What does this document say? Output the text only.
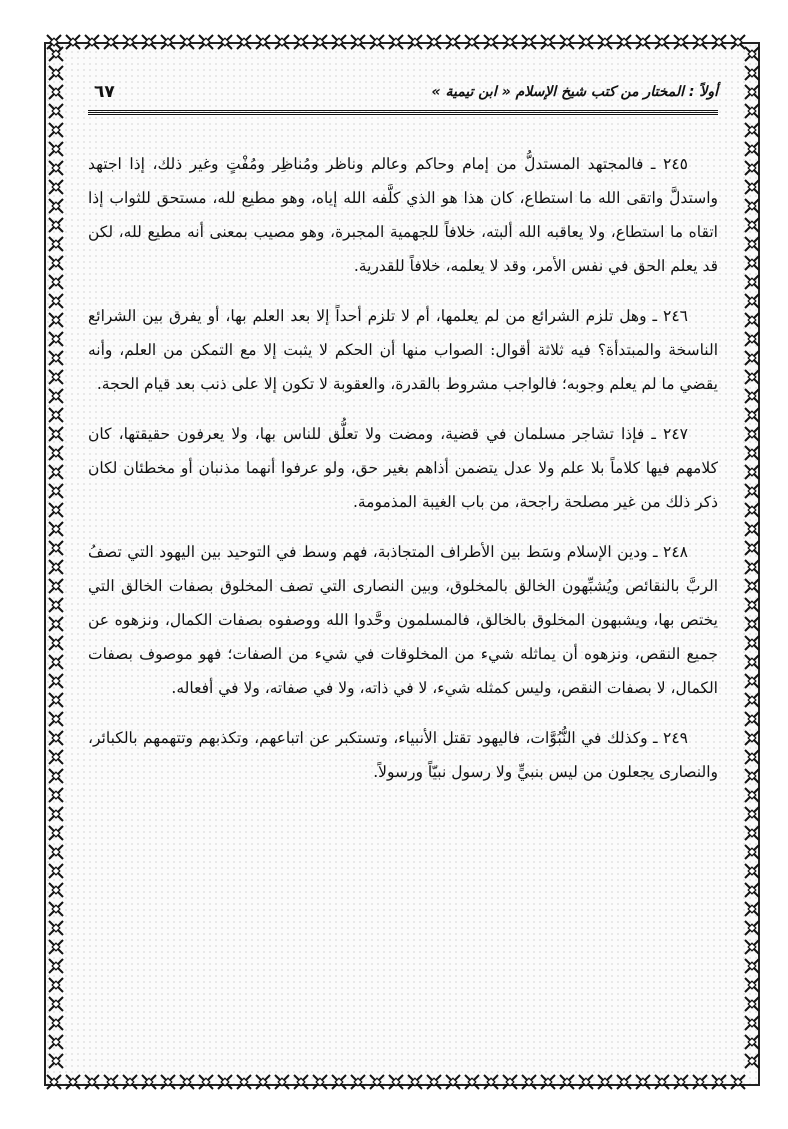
أولاً : المختار من كتب شيخ الإسلام « ابن تيمية »
٦٧

٢٤٥ ـ فالمجتهد المستدلُّ من إمام وحاكم وعالم وناظر ومُناظِر ومُفْتٍ وغير ذلك، إذا اجتهد واستدلَّ واتقى الله ما استطاع، كان هذا هو الذي كلَّفه الله إياه، وهو مطيع لله، مستحق للثواب إذا اتقاه ما استطاع، ولا يعاقبه الله ألبته، خلافاً للجهمية المجبرة، وهو مصيب بمعنى أنه مطيع لله، لكن قد يعلم الحق في نفس الأمر، وقد لا يعلمه، خلافاً للقدرية.

٢٤٦ ـ وهل تلزم الشرائع من لم يعلمها، أم لا تلزم أحداً إلا بعد العلم بها، أو يفرق بين الشرائع الناسخة والمبتدأة؟ فيه ثلاثة أقوال: الصواب منها أن الحكم لا يثبت إلا مع التمكن من العلم، وأنه يقضي ما لم يعلم وجوبه؛ فالواجب مشروط بالقدرة، والعقوبة لا تكون إلا على ذنب بعد قيام الحجة.

٢٤٧ ـ فإذا تشاجر مسلمان في قضية، ومضت ولا تعلُّق للناس بها، ولا يعرفون حقيقتها، كان كلامهم فيها كلاماً بلا علم ولا عدل يتضمن أذاهم بغير حق، ولو عرفوا أنهما مذنبان أو مخطئان لكان ذكر ذلك من غير مصلحة راجحة، من باب الغيبة المذمومة.

٢٤٨ ـ ودين الإسلام وسَط بين الأطراف المتجاذبة، فهم وسط في التوحيد بين اليهود التي تصفُ الربَّ بالنقائص ويُشبِّهون الخالق بالمخلوق، وبين النصارى التي تصف المخلوق بصفات الخالق التي يختص بها، ويشبهون المخلوق بالخالق، فالمسلمون وحَّدوا الله ووصفوه بصفات الكمال، ونزهوه عن جميع النقص، ونزهوه أن يماثله شيء من المخلوقات في شيء من الصفات؛ فهو موصوف بصفات الكمال، لا بصفات النقص، وليس كمثله شيء، لا في ذاته، ولا في صفاته، ولا في أفعاله.

٢٤٩ ـ وكذلك في النُّبُوَّات، فاليهود تقتل الأنبياء، وتستكبر عن اتباعهم، وتكذبهم وتتهمهم بالكبائر، والنصارى يجعلون من ليس بنبيٍّ ولا رسول نبيّاً ورسولاً.
